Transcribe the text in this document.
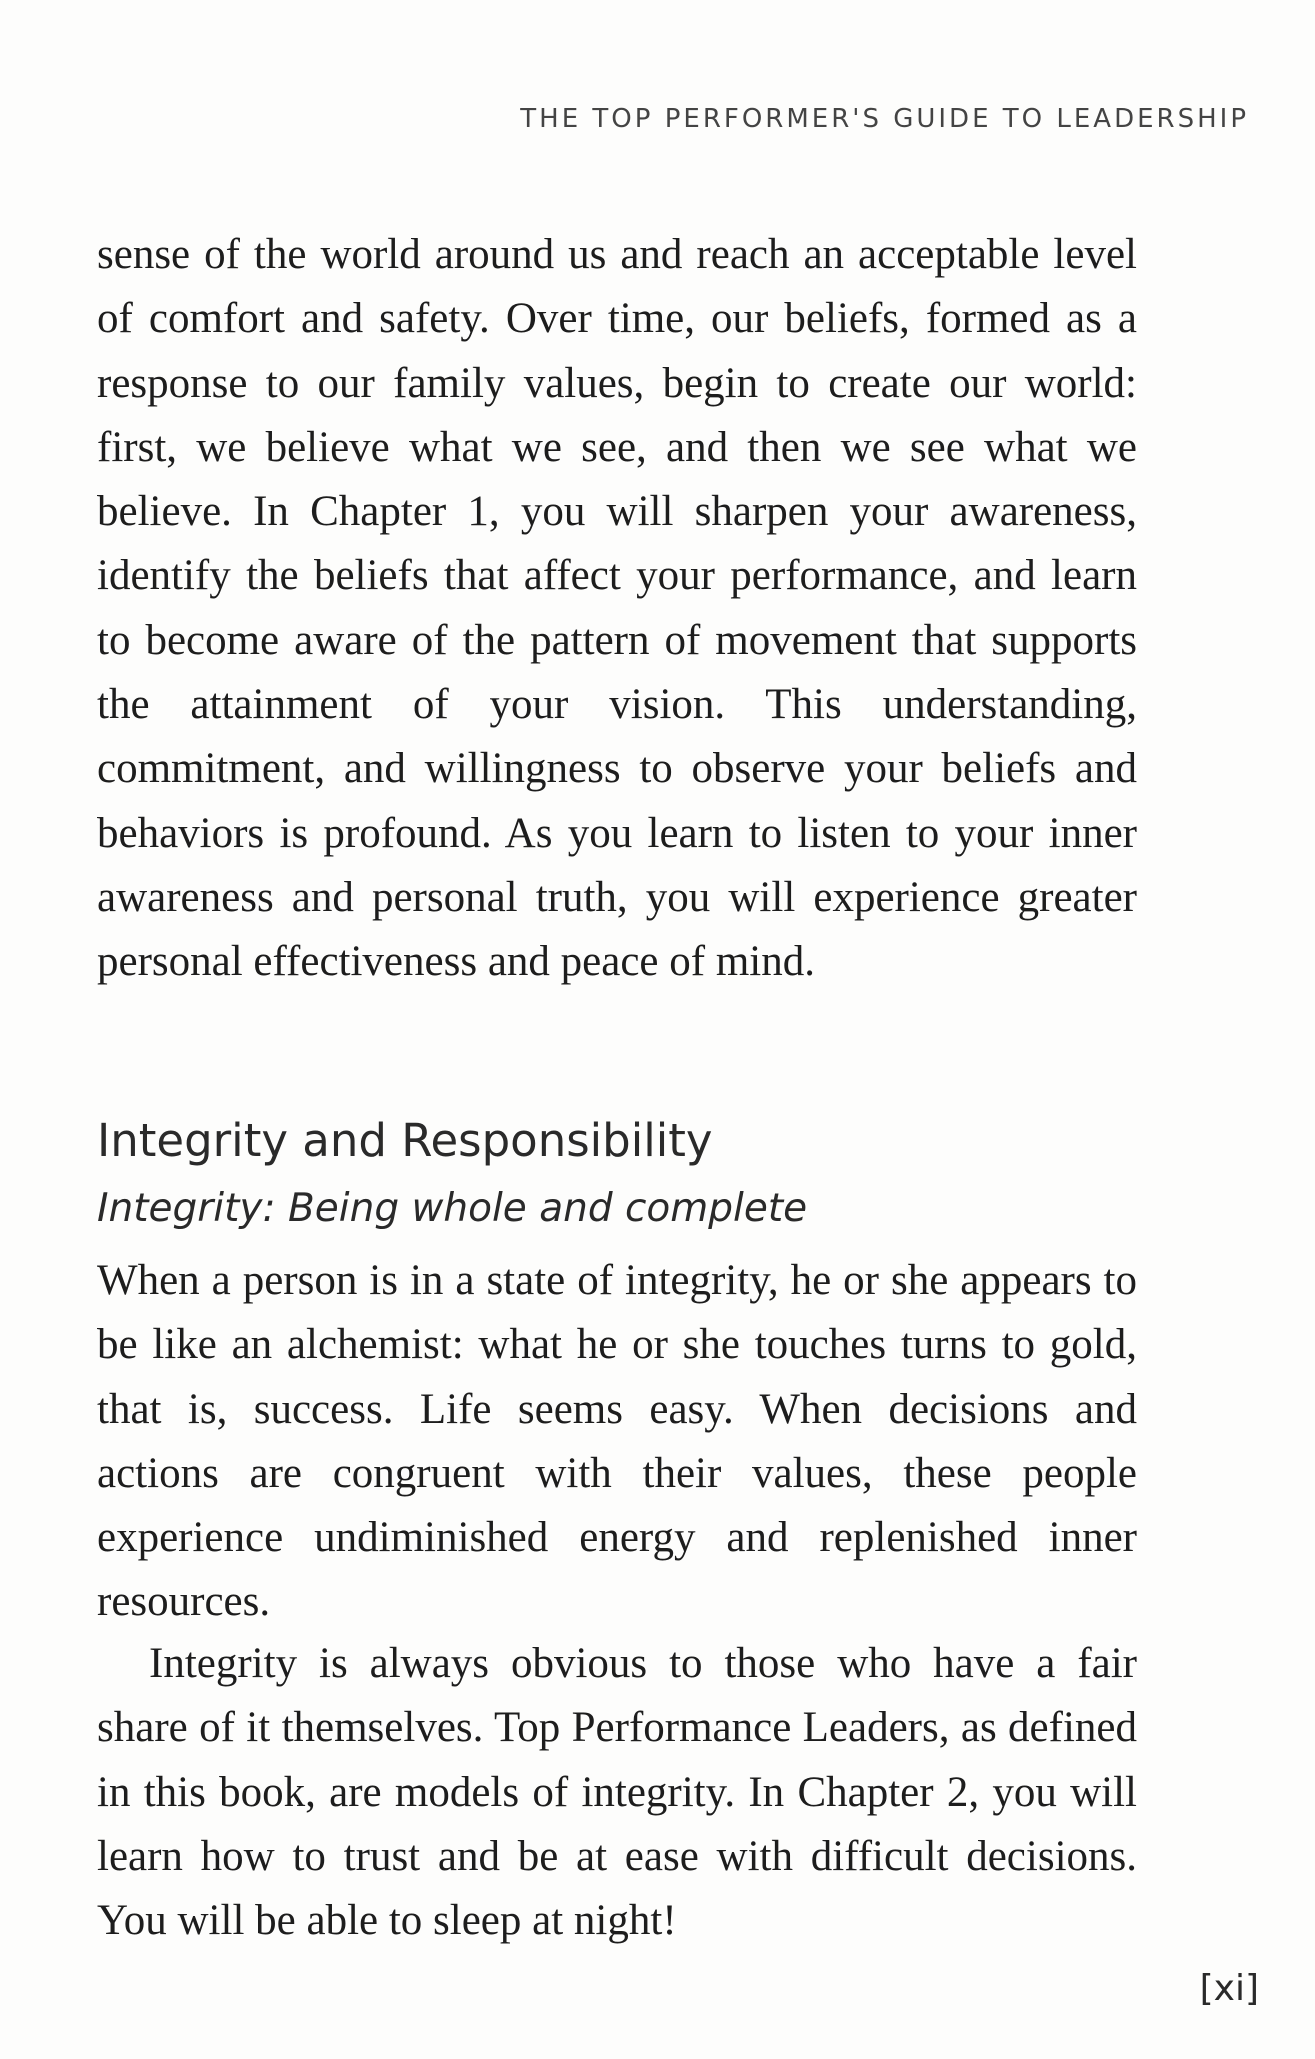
THE TOP PERFORMER'S GUIDE TO LEADERSHIP

sense of the world around us and reach an acceptable level of comfort and safety. Over time, our beliefs, formed as a response to our family values, begin to create our world: first, we believe what we see, and then we see what we believe. In Chapter 1, you will sharpen your awareness, identify the beliefs that affect your performance, and learn to become aware of the pattern of movement that supports the attainment of your vision. This understanding, commitment, and willingness to observe your beliefs and behaviors is profound. As you learn to listen to your inner awareness and personal truth, you will experience greater personal effectiveness and peace of mind.

Integrity and Responsibility
Integrity: Being whole and complete

When a person is in a state of integrity, he or she appears to be like an alchemist: what he or she touches turns to gold, that is, success. Life seems easy. When decisions and actions are congruent with their values, these people experience undiminished energy and replenished inner resources.

Integrity is always obvious to those who have a fair share of it themselves. Top Performance Leaders, as defined in this book, are models of integrity. In Chapter 2, you will learn how to trust and be at ease with difficult decisions. You will be able to sleep at night!

[xi]
